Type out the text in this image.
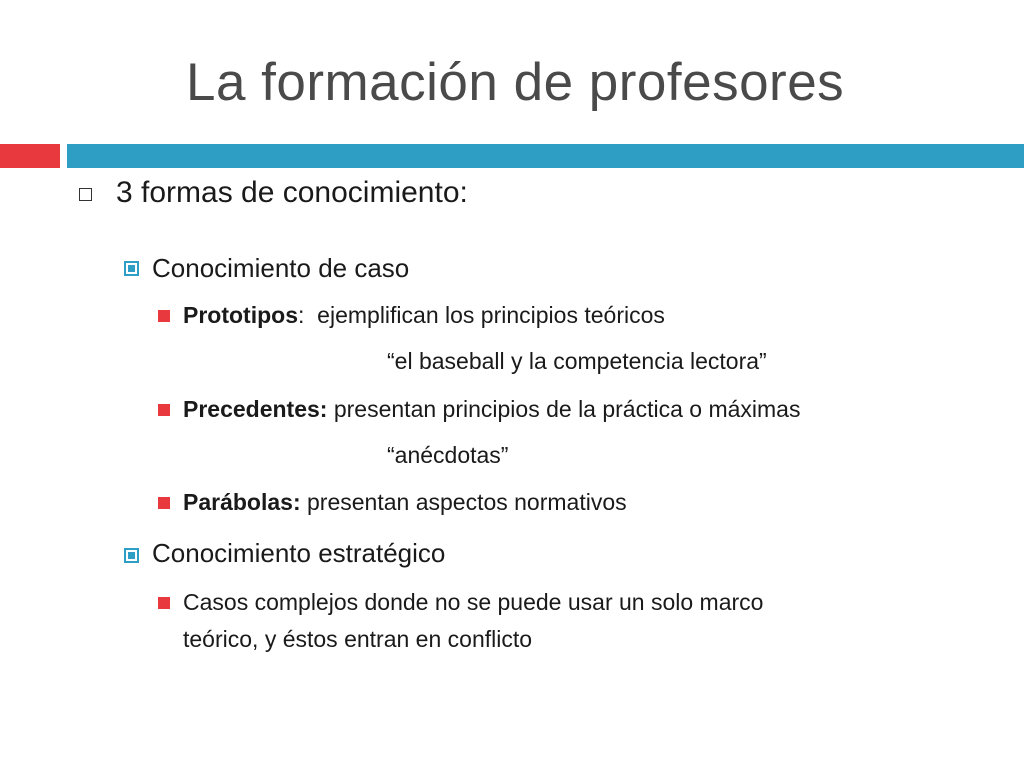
La formación de profesores
3 formas de conocimiento:
Conocimiento de caso
Prototipos: ejemplifican los principios teóricos
“el baseball y la competencia lectora”
Precedentes: presentan principios de la práctica o máximas
“anécdotas”
Parábolas: presentan aspectos normativos
Conocimiento estratégico
Casos complejos donde no se puede usar un solo marco
teórico, y éstos entran en conflicto
